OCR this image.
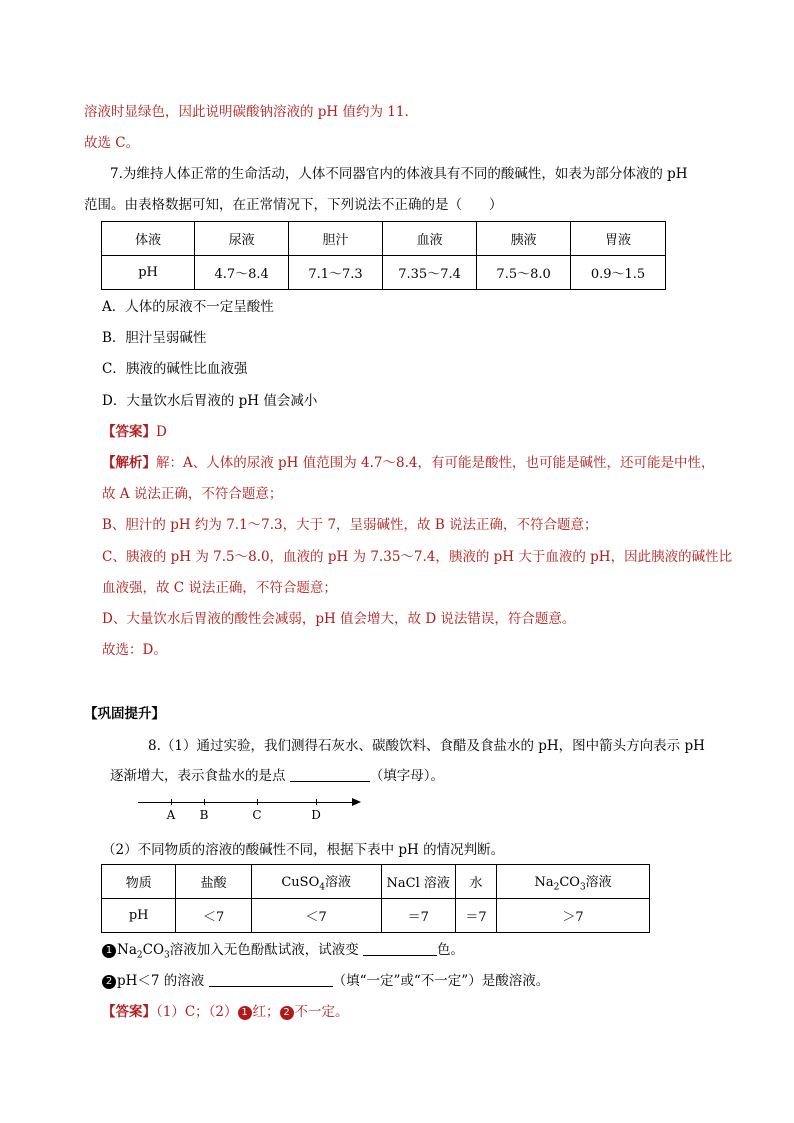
溶液时显绿色，因此说明碳酸钠溶液的 pH 值约为 11.
故选 C。
7.为维持人体正常的生命活动，人体不同器官内的体液具有不同的酸碱性，如表为部分体液的 pH
范围。由表格数据可知，在正常情况下，下列说法不正确的是（　　）
体液	尿液	胆汁	血液	胰液	胃液
pH	4.7～8.4	7.1～7.3	7.35～7.4	7.5～8.0	0.9～1.5
A．人体的尿液不一定呈酸性
B．胆汁呈弱碱性
C．胰液的碱性比血液强
D．大量饮水后胃液的 pH 值会减小
【答案】D
【解析】解：A、人体的尿液 pH 值范围为 4.7～8.4，有可能是酸性，也可能是碱性，还可能是中性，
故 A 说法正确，不符合题意；
B、胆汁的 pH 约为 7.1～7.3，大于 7，呈弱碱性，故 B 说法正确，不符合题意；
C、胰液的 pH 为 7.5～8.0，血液的 pH 为 7.35～7.4，胰液的 pH 大于血液的 pH，因此胰液的碱性比
血液强，故 C 说法正确，不符合题意；
D、大量饮水后胃液的酸性会减弱，pH 值会增大，故 D 说法错误，符合题意。
故选：D。
【巩固提升】
8.（1）通过实验，我们测得石灰水、碳酸饮料、食醋及食盐水的 pH，图中箭头方向表示 pH
逐渐增大，表示食盐水的是点	（填字母）。
A	B	C	D
（2）不同物质的溶液的酸碱性不同，根据下表中 pH 的情况判断。
物质	盐酸	CuSO$_4$溶液	NaCl 溶液	水	$Na_2CO_3$溶液
pH	＜7	＜7	＝7	＝7	＞7
1 $Na_2CO_3$溶液加入无色酚酞试液，试液变	色。
2 pH＜7 的溶液	（填“一定”或“不一定”）是酸溶液。
【答案】（1）C；（2） 1 红； 2 不一定。
